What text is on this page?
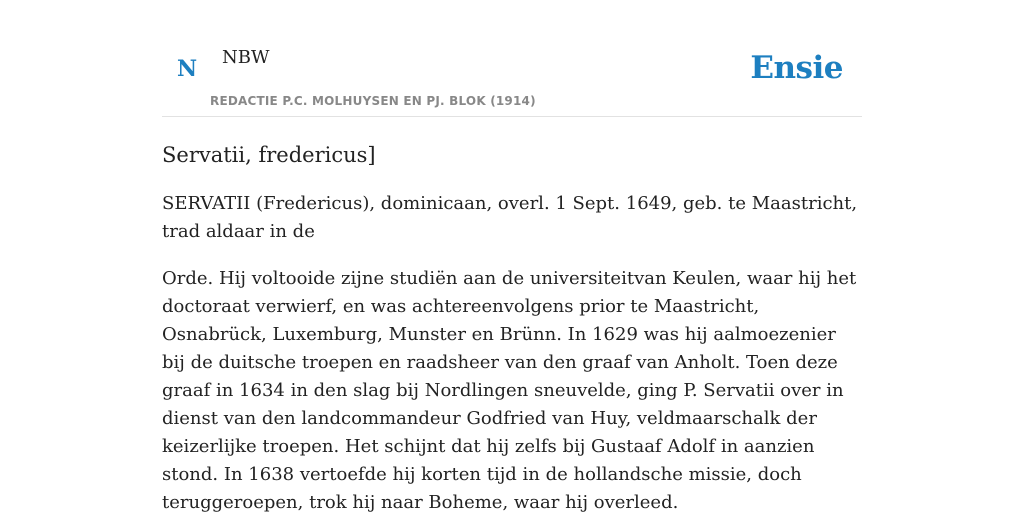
N NBW
REDACTIE P.C. MOLHUYSEN EN PJ. BLOK (1914)
Ensie
Servatii, fredericus]

SERVATII (Fredericus), dominicaan, overl. 1 Sept. 1649, geb. te Maastricht, trad aldaar in de

Orde. Hij voltooide zijne studiën aan de universiteitvan Keulen, waar hij het doctoraat verwierf, en was achtereenvolgens prior te Maastricht, Osnabrück, Luxemburg, Munster en Brünn. In 1629 was hij aalmoezenier bij de duitsche troepen en raadsheer van den graaf van Anholt. Toen deze graaf in 1634 in den slag bij Nordlingen sneuvelde, ging P. Servatii over in dienst van den landcommandeur Godfried van Huy, veldmaarschalk der keizerlijke troepen. Het schijnt dat hij zelfs bij Gustaaf Adolf in aanzien stond. In 1638 vertoefde hij korten tijd in de hollandsche missie, doch teruggeroepen, trok hij naar Boheme, waar hij overleed.
